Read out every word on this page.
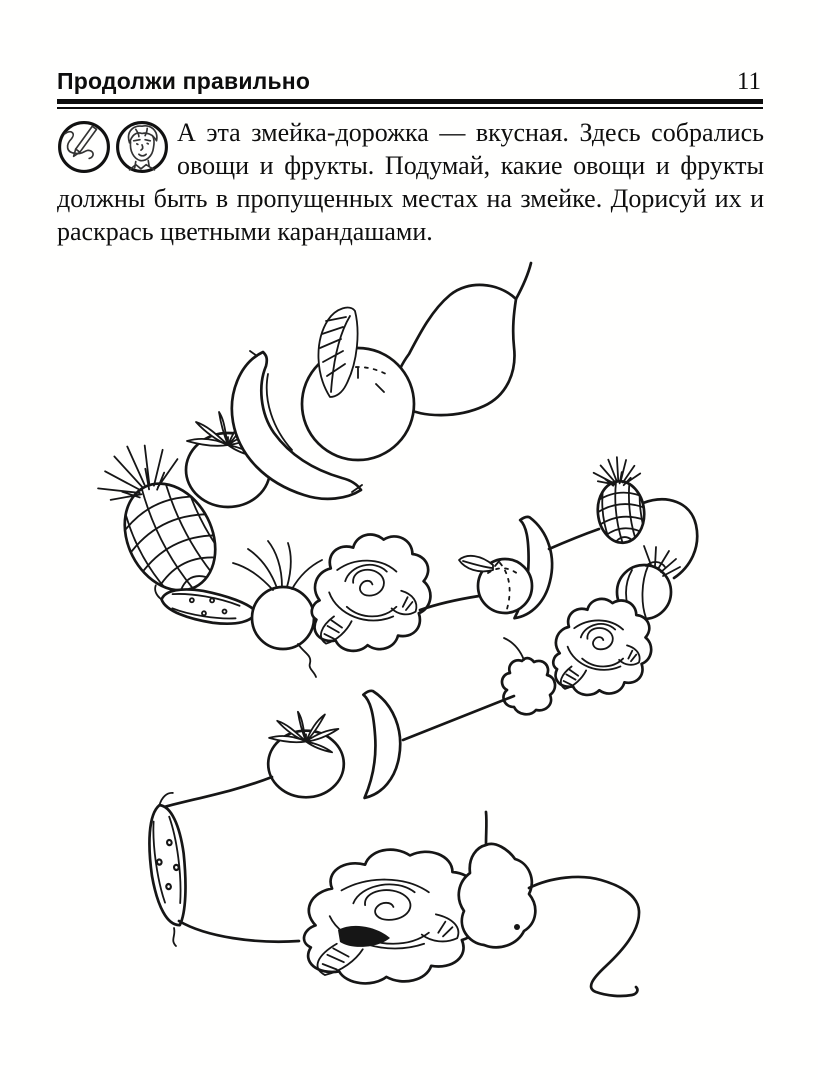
Продолжи правильно	11

А эта змейка-дорожка — вкусная. Здесь собрались овощи и фрукты. Подумай, какие овощи и фрукты должны быть в пропущенных местах на змейке. Дорисуй их и раскрась цветными карандашами.
